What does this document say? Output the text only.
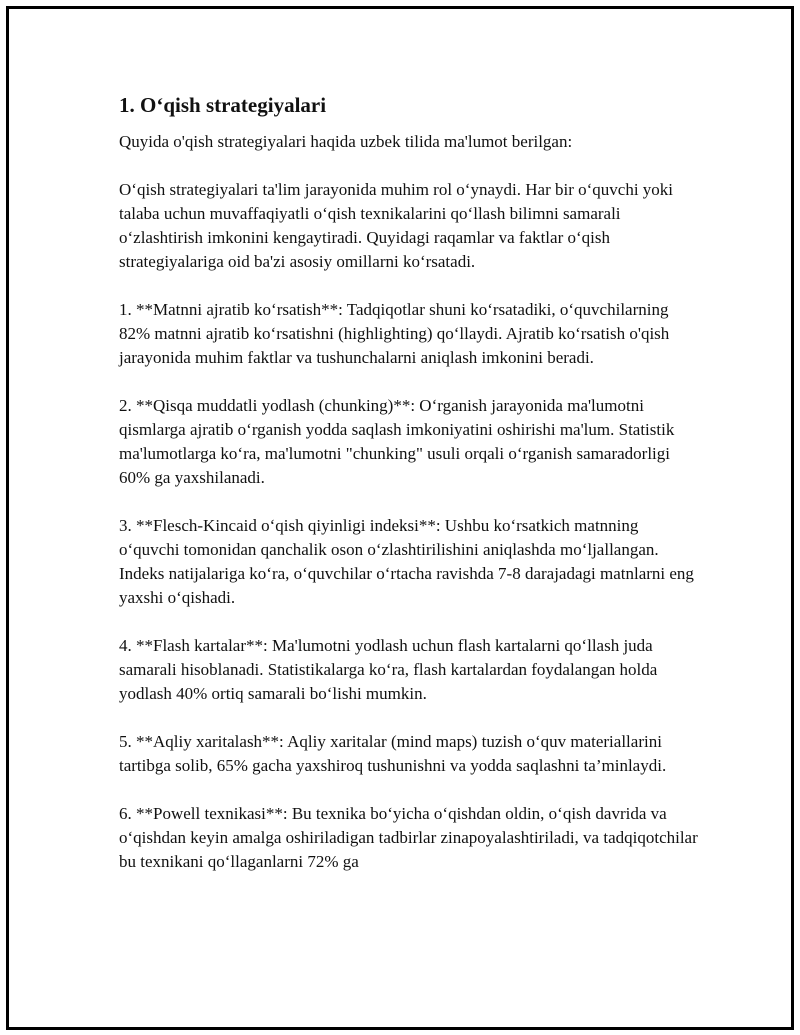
1. O‘qish strategiyalari

Quyida o'qish strategiyalari haqida uzbek tilida ma'lumot berilgan:

O‘qish strategiyalari ta'lim jarayonida muhim rol o‘ynaydi. Har bir o‘quvchi yoki talaba uchun muvaffaqiyatli o‘qish texnikalarini qo‘llash bilimni samarali o‘zlashtirish imkonini kengaytiradi. Quyidagi raqamlar va faktlar o‘qish strategiyalariga oid ba'zi asosiy omillarni ko‘rsatadi.

1. **Matnni ajratib ko‘rsatish**: Tadqiqotlar shuni ko‘rsatadiki, o‘quvchilarning 82% matnni ajratib ko‘rsatishni (highlighting) qo‘llaydi. Ajratib ko‘rsatish o'qish jarayonida muhim faktlar va tushunchalarni aniqlash imkonini beradi.

2. **Qisqa muddatli yodlash (chunking)**: O‘rganish jarayonida ma'lumotni qismlarga ajratib o‘rganish yodda saqlash imkoniyatini oshirishi ma'lum. Statistik ma'lumotlarga ko‘ra, ma'lumotni "chunking" usuli orqali o‘rganish samaradorligi 60% ga yaxshilanadi.

3. **Flesch-Kincaid o‘qish qiyinligi indeksi**: Ushbu ko‘rsatkich matnning o‘quvchi tomonidan qanchalik oson o‘zlashtirilishini aniqlashda mo‘ljallangan. Indeks natijalariga ko‘ra, o‘quvchilar o‘rtacha ravishda 7-8 darajadagi matnlarni eng yaxshi o‘qishadi.

4. **Flash kartalar**: Ma'lumotni yodlash uchun flash kartalarni qo‘llash juda samarali hisoblanadi. Statistikalarga ko‘ra, flash kartalardan foydalangan holda yodlash 40% ortiq samarali bo‘lishi mumkin.

5. **Aqliy xaritalash**: Aqliy xaritalar (mind maps) tuzish o‘quv materiallarini tartibga solib, 65% gacha yaxshiroq tushunishni va yodda saqlashni ta’minlaydi.

6. **Powell texnikasi**: Bu texnika bo‘yicha o‘qishdan oldin, o‘qish davrida va o‘qishdan keyin amalga oshiriladigan tadbirlar zinapoyalashtiriladi, va tadqiqotchilar bu texnikani qo‘llaganlarni 72% ga
